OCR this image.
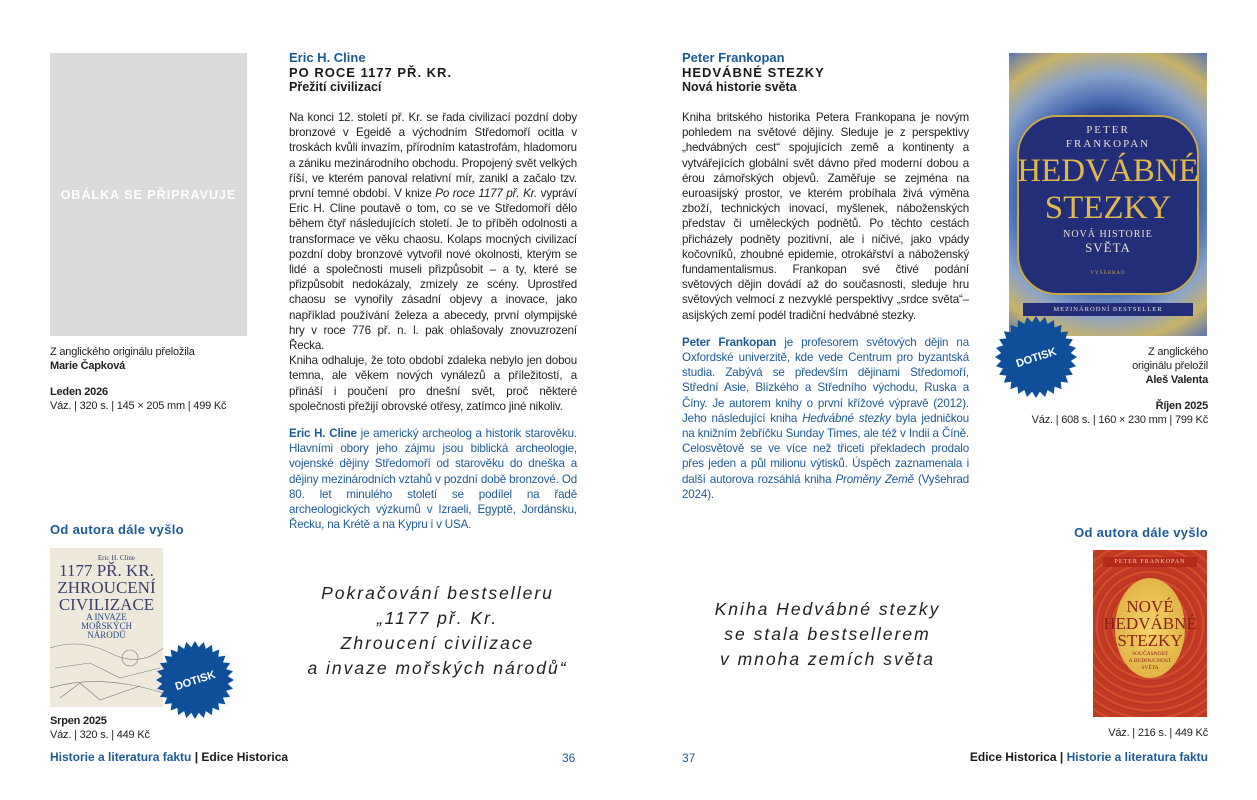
OBÁLKA SE PŘIPRAVUJE
Z anglického originálu přeložila
Marie Čapková
Leden 2026
Váz. | 320 s. | 145 × 205 mm | 499 Kč
Od autora dále vyšlo
Eric H. Cline
1177 PŘ. KR.
ZHROUCENÍ
CIVILIZACE
A INVAZE
MOŘSKÝCH
NÁRODŮ
DOTISK
Srpen 2025
Váz. | 320 s. | 449 Kč
Eric H. Cline
PO ROCE 1177 PŘ. KR.
Přežití civilizací

Na konci 12. století př. Kr. se řada civilizací pozdní doby bronzové v Egeidě a východním Středomoří ocitla v troskách kvůli invazím, přírodním katastrofám, hladomoru a zániku mezinárodního obchodu. Propojený svět velkých říší, ve kterém panoval relativní mír, zanikl a začalo tzv. první temné období. V knize Po roce 1177 př. Kr. vypráví Eric H. Cline poutavě o tom, co se ve Středomoří dělo během čtyř následujících století. Je to příběh odolnosti a transformace ve věku chaosu. Kolaps mocných civilizací pozdní doby bronzové vytvořil nové okolnosti, kterým se lidé a společnosti museli přizpůsobit – a ty, které se přizpůsobit nedokázaly, zmizely ze scény. Uprostřed chaosu se vynořily zásadní objevy a inovace, jako například používání železa a abecedy, první olympijské hry v roce 776 př. n. l. pak ohlašovaly znovuzrození Řecka.

Kniha odhaluje, že toto období zdaleka nebylo jen dobou temna, ale věkem nových vynálezů a příležitostí, a přináší i poučení pro dnešní svět, proč některé společnosti přežijí obrovské otřesy, zatímco jiné nikoliv.

Eric H. Cline je americký archeolog a historik starověku. Hlavními obory jeho zájmu jsou biblická archeologie, vojenské dějiny Středomoří od starověku do dneška a dějiny mezinárodních vztahů v pozdní době bronzové. Od 80. let minulého století se podílel na řadě archeologických výzkumů v Izraeli, Egyptě, Jordánsku, Řecku, na Krétě a na Kypru i v USA.

Pokračování bestselleru
„1177 př. Kr.
Zhroucení civilizace
a invaze mořských národů“
Historie a literatura faktu | Edice Historica	36
Peter Frankopan
HEDVÁBNÉ STEZKY
Nová historie světa

Kniha britského historika Petera Frankopana je novým pohledem na světové dějiny. Sleduje je z perspektivy „hedvábných cest“ spojujících země a kontinenty a vytvářejících globální svět dávno před moderní dobou a érou zámořských objevů. Zaměřuje se zejména na euroasijský prostor, ve kterém probíhala živá výměna zboží, technických inovací, myšlenek, náboženských představ či uměleckých podnětů. Po těchto cestách přicházely podněty pozitivní, ale i ničivé, jako vpády kočovníků, zhoubné epidemie, otrokářství a náboženský fundamentalismus. Frankopan své čtivé podání světových dějin dovádí až do současnosti, sleduje hru světových velmocí z nezvyklé perspektivy „srdce světa“– asijských zemí podél tradiční hedvábné stezky.

Peter Frankopan je profesorem světových dějin na Oxfordské univerzitě, kde vede Centrum pro byzantská studia. Zabývá se především dějinami Středomoří, Střední Asie, Blízkého a Středního východu, Ruska a Číny. Je autorem knihy o první křížové výpravě (2012). Jeho následující kniha Hedvábné stezky byla jedničkou na knižním žebříčku Sunday Times, ale též v Indii a Číně. Celosvětově se ve více než třiceti překladech prodalo přes jeden a půl milionu výtisků. Úspěch zaznamenala i další autorova rozsáhlá kniha Proměny Země (Vyšehrad 2024).

PETER
FRANKOPAN
HEDVÁBNÉ
STEZKY
NOVÁ HISTORIE
SVĚTA
VYŠEHRAD
MEZINÁRODNÍ BESTSELLER
DOTISK	Z anglického originálu přeložil
Aleš Valenta
Říjen 2025
Váz. | 608 s. | 160 × 230 mm | 799 Kč
Od autora dále vyšlo
PETER FRANKOPAN
NOVÉ
HEDVÁBNÉ
STEZKY
SOUČASNOST
A BUDOUCNOST
SVĚTA
Váz. | 216 s. | 449 Kč
Kniha Hedvábné stezky
se stala bestsellerem
v mnoha zemích světa
37	Edice Historica | Historie a literatura faktu
